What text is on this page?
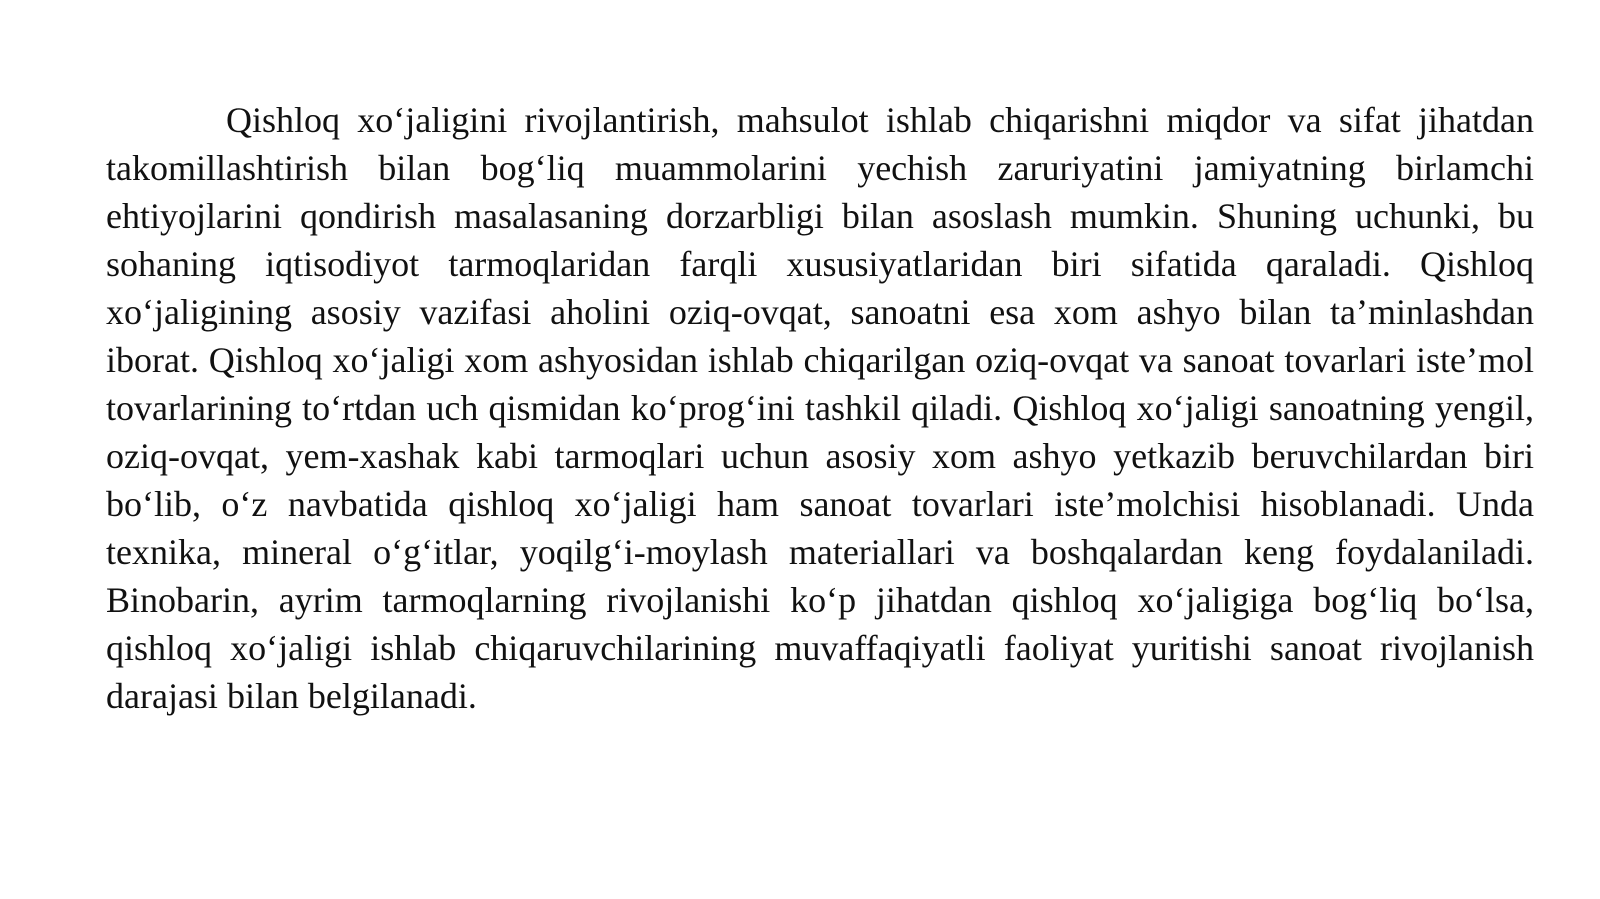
Qishloq xo‘jaligini rivojlantirish, mahsulot ishlab chiqarishni miqdor va sifat jihatdan takomillashtirish bilan bog‘liq muammolarini yechish zaruriyatini jamiyatning birlamchi ehtiyojlarini qondirish masalasaning dorzarbligi bilan asoslash mumkin. Shuning uchunki, bu sohaning iqtisodiyot tarmoqlaridan farqli xususiyatlaridan biri sifatida qaraladi. Qishloq xo‘jaligining asosiy vazifasi aholini oziq-ovqat, sanoatni esa xom ashyo bilan ta’minlashdan iborat. Qishloq xo‘jaligi xom ashyosidan ishlab chiqarilgan oziq-ovqat va sanoat tovarlari iste’mol tovarlarining to‘rtdan uch qismidan ko‘prog‘ini tashkil qiladi. Qishloq xo‘jaligi sanoatning yengil, oziq-ovqat, yem-xashak kabi tarmoqlari uchun asosiy xom ashyo yetkazib beruvchilardan biri bo‘lib, o‘z navbatida qishloq xo‘jaligi ham sanoat tovarlari iste’molchisi hisoblanadi. Unda texnika, mineral o‘g‘itlar, yoqilg‘i-moylash materiallari va boshqalardan keng foydalaniladi. Binobarin, ayrim tarmoqlarning rivojlanishi ko‘p jihatdan qishloq xo‘jaligiga bog‘liq bo‘lsa, qishloq xo‘jaligi ishlab chiqaruvchilarining muvaffaqiyatli faoliyat yuritishi sanoat rivojlanish darajasi bilan belgilanadi.
